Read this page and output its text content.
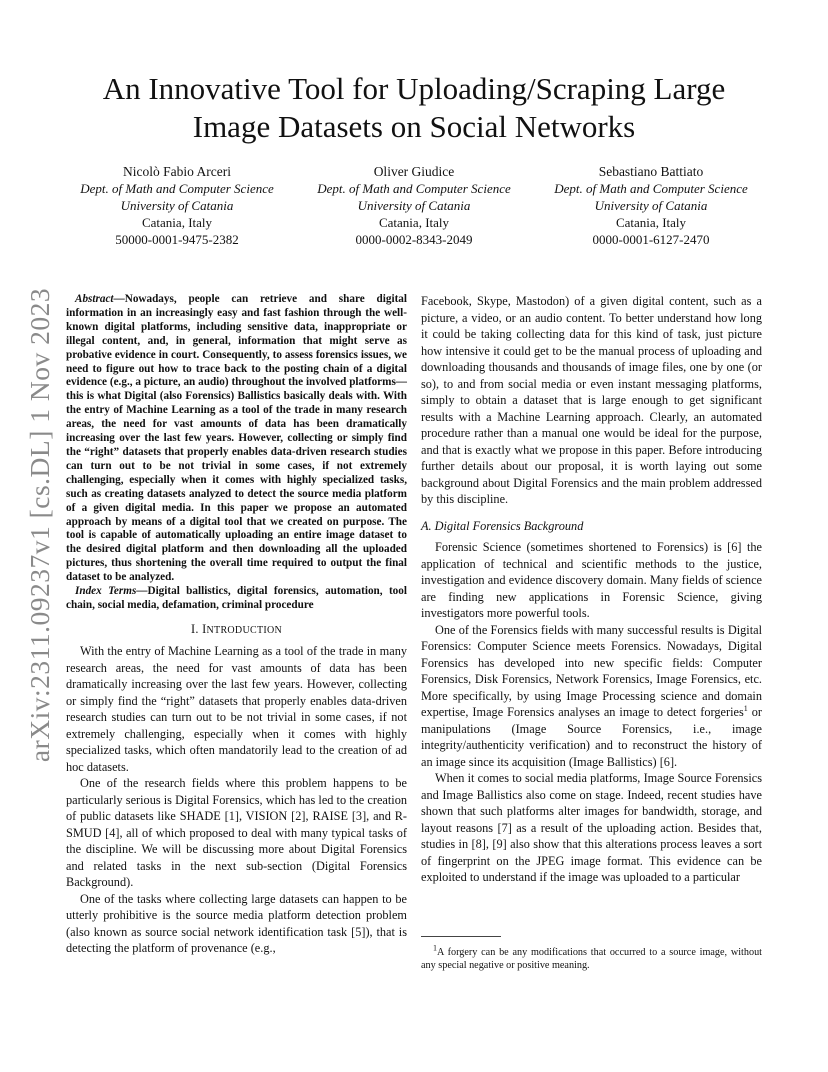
arXiv:2311.09237v1 [cs.DL] 1 Nov 2023
An Innovative Tool for Uploading/Scraping Large Image Datasets on Social Networks
Nicolò Fabio Arceri
Dept. of Math and Computer Science
University of Catania
Catania, Italy
50000-0001-9475-2382
Oliver Giudice
Dept. of Math and Computer Science
University of Catania
Catania, Italy
0000-0002-8343-2049
Sebastiano Battiato
Dept. of Math and Computer Science
University of Catania
Catania, Italy
0000-0001-6127-2470

Abstract—Nowadays, people can retrieve and share digital information in an increasingly easy and fast fashion through the well-known digital platforms, including sensitive data, inappropriate or illegal content, and, in general, information that might serve as probative evidence in court. Consequently, to assess forensics issues, we need to figure out how to trace back to the posting chain of a digital evidence (e.g., a picture, an audio) throughout the involved platforms—this is what Digital (also Forensics) Ballistics basically deals with. With the entry of Machine Learning as a tool of the trade in many research areas, the need for vast amounts of data has been dramatically increasing over the last few years. However, collecting or simply find the “right” datasets that properly enables data-driven research studies can turn out to be not trivial in some cases, if not extremely challenging, especially when it comes with highly specialized tasks, such as creating datasets analyzed to detect the source media platform of a given digital media. In this paper we propose an automated approach by means of a digital tool that we created on purpose. The tool is capable of automatically uploading an entire image dataset to the desired digital platform and then downloading all the uploaded pictures, thus shortening the overall time required to output the final dataset to be analyzed.

Index Terms—Digital ballistics, digital forensics, automation, tool chain, social media, defamation, criminal procedure

I. INTRODUCTION

With the entry of Machine Learning as a tool of the trade in many research areas, the need for vast amounts of data has been dramatically increasing over the last few years. However, collecting or simply find the “right” datasets that properly enables data-driven research studies can turn out to be not trivial in some cases, if not extremely challenging, especially when it comes with highly specialized tasks, which often mandatorily lead to the creation of ad hoc datasets.

One of the research fields where this problem happens to be particularly serious is Digital Forensics, which has led to the creation of public datasets like SHADE [1], VISION [2], RAISE [3], and R-SMUD [4], all of which proposed to deal with many typical tasks of the discipline. We will be discussing more about Digital Forensics and related tasks in the next sub-section (Digital Forensics Background).

One of the tasks where collecting large datasets can happen to be utterly prohibitive is the source media platform detection problem (also known as source social network identification task [5]), that is detecting the platform of provenance (e.g.,

Facebook, Skype, Mastodon) of a given digital content, such as a picture, a video, or an audio content. To better understand how long it could be taking collecting data for this kind of task, just picture how intensive it could get to be the manual process of uploading and downloading thousands and thousands of image files, one by one (or so), to and from social media or even instant messaging platforms, simply to obtain a dataset that is large enough to get significant results with a Machine Learning approach. Clearly, an automated procedure rather than a manual one would be ideal for the purpose, and that is exactly what we propose in this paper. Before introducing further details about our proposal, it is worth laying out some background about Digital Forensics and the main problem addressed by this discipline.

A. Digital Forensics Background

Forensic Science (sometimes shortened to Forensics) is [6] the application of technical and scientific methods to the justice, investigation and evidence discovery domain. Many fields of science are finding new applications in Forensic Science, giving investigators more powerful tools.

One of the Forensics fields with many successful results is Digital Forensics: Computer Science meets Forensics. Nowadays, Digital Forensics has developed into new specific fields: Computer Forensics, Disk Forensics, Network Forensics, Image Forensics, etc. More specifically, by using Image Processing science and domain expertise, Image Forensics analyses an image to detect forgeries$^1$ or manipulations (Image Source Forensics, i.e., image integrity/authenticity verification) and to reconstruct the history of an image since its acquisition (Image Ballistics) [6].

When it comes to social media platforms, Image Source Forensics and Image Ballistics also come on stage. Indeed, recent studies have shown that such platforms alter images for bandwidth, storage, and layout reasons [7] as a result of the uploading action. Besides that, studies in [8], [9] also show that this alterations process leaves a sort of fingerprint on the JPEG image format. This evidence can be exploited to understand if the image was uploaded to a particular

$^1$A forgery can be any modifications that occurred to a source image, without any special negative or positive meaning.
